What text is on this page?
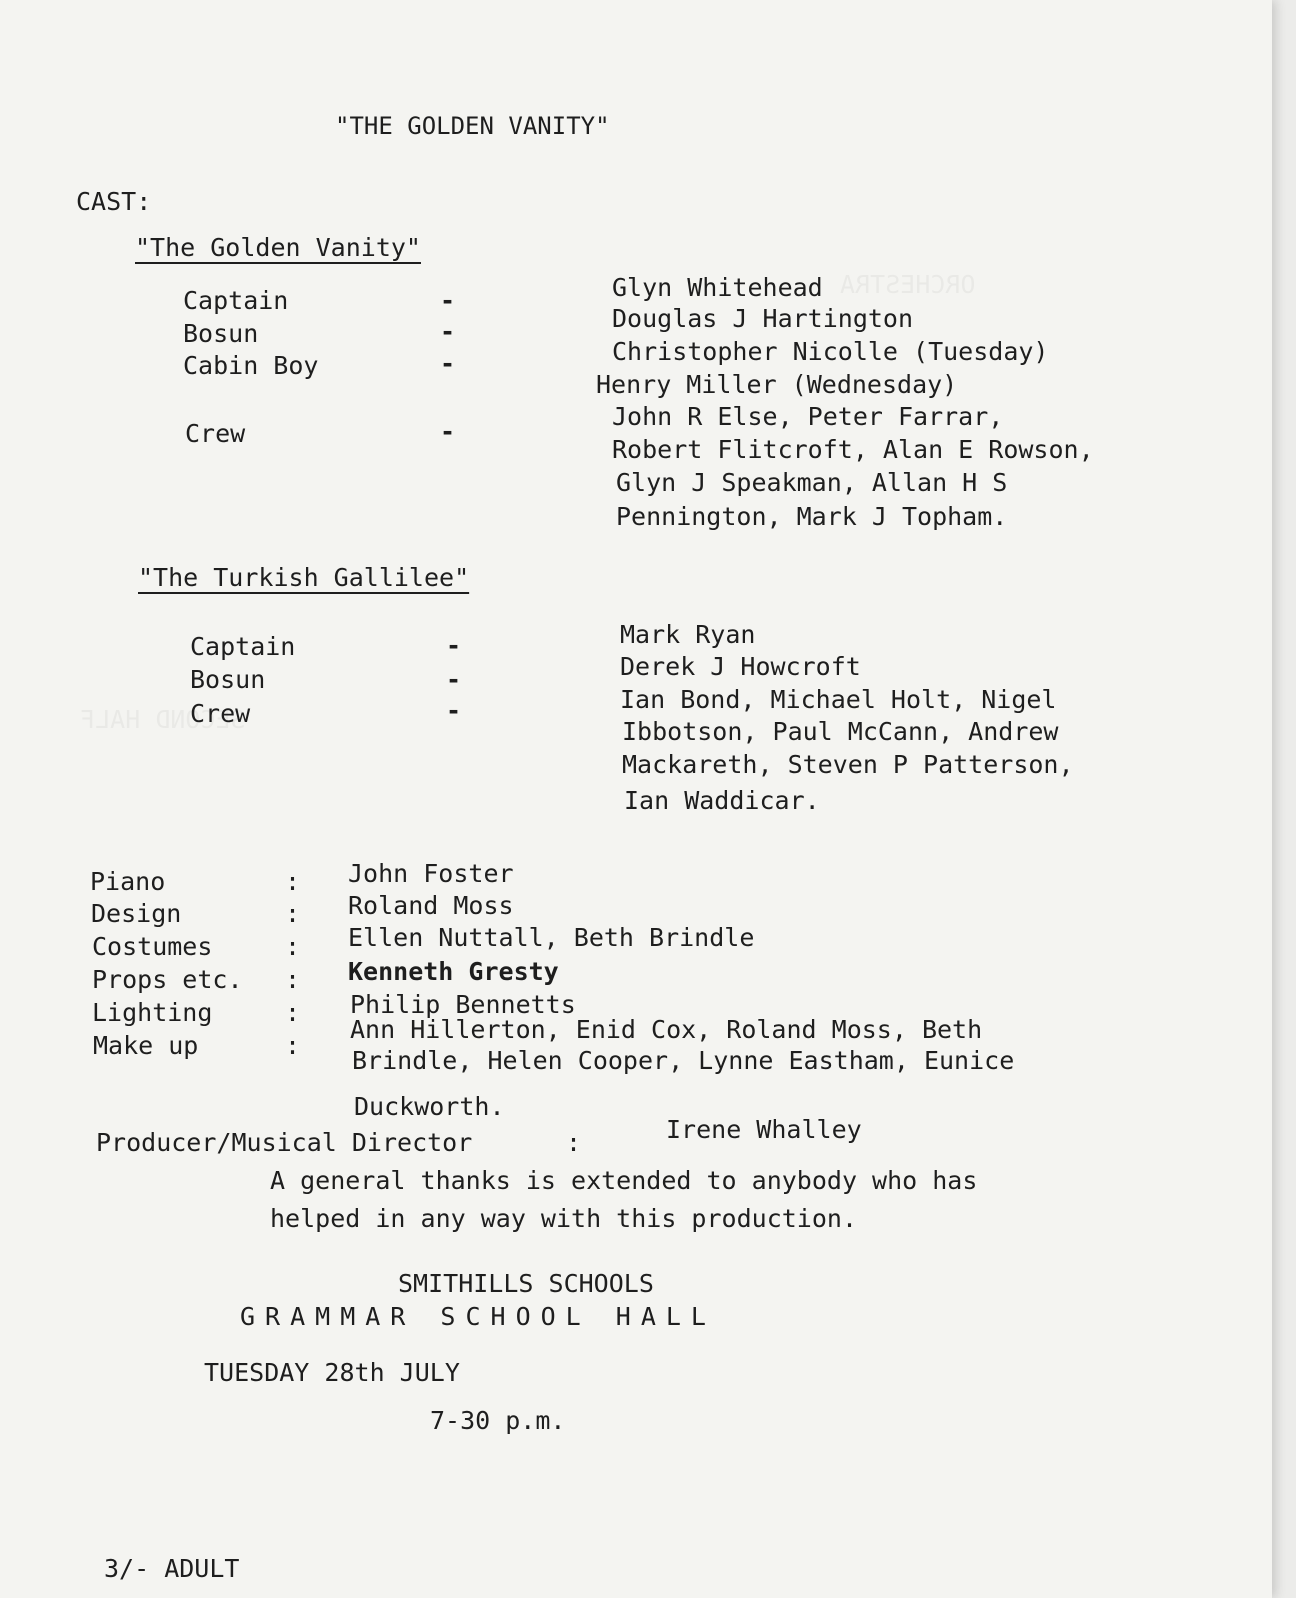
"THE GOLDEN VANITY"
CAST:
"The Golden Vanity"
Captain	-	Glyn Whitehead
Bosun	-	Douglas J Hartington
Cabin Boy	-	Christopher Nicolle (Tuesday)
Henry Miller (Wednesday)
Crew	-
John R Else, Peter Farrar,
Robert Flitcroft, Alan E Rowson,
Glyn J Speakman, Allan H S
Pennington, Mark J Topham.
"The Turkish Gallilee"
Captain	-	Mark Ryan
Bosun	-	Derek J Howcroft
Crew	-	Ian Bond, Michael Holt, Nigel
Ibbotson, Paul McCann, Andrew
Mackareth, Steven P Patterson,
Ian Waddicar.
Piano	: John Foster
Design	: Roland Moss
Costumes	: Ellen Nuttall, Beth Brindle
Props etc. : Kenneth Gresty
Lighting	: Philip Bennetts
Make up	:
Ann Hillerton, Enid Cox, Roland Moss, Beth
Brindle, Helen Cooper, Lynne Eastham, Eunice
Duckworth.
Producer/Musical Director	:	Irene Whalley
A general thanks is extended to anybody who has
helped in any way with this production.
SMITHILLS SCHOOLS
GRAMMAR SCHOOL HALL
TUESDAY 28th JULY
7-30 p.m.
3/- ADULT
